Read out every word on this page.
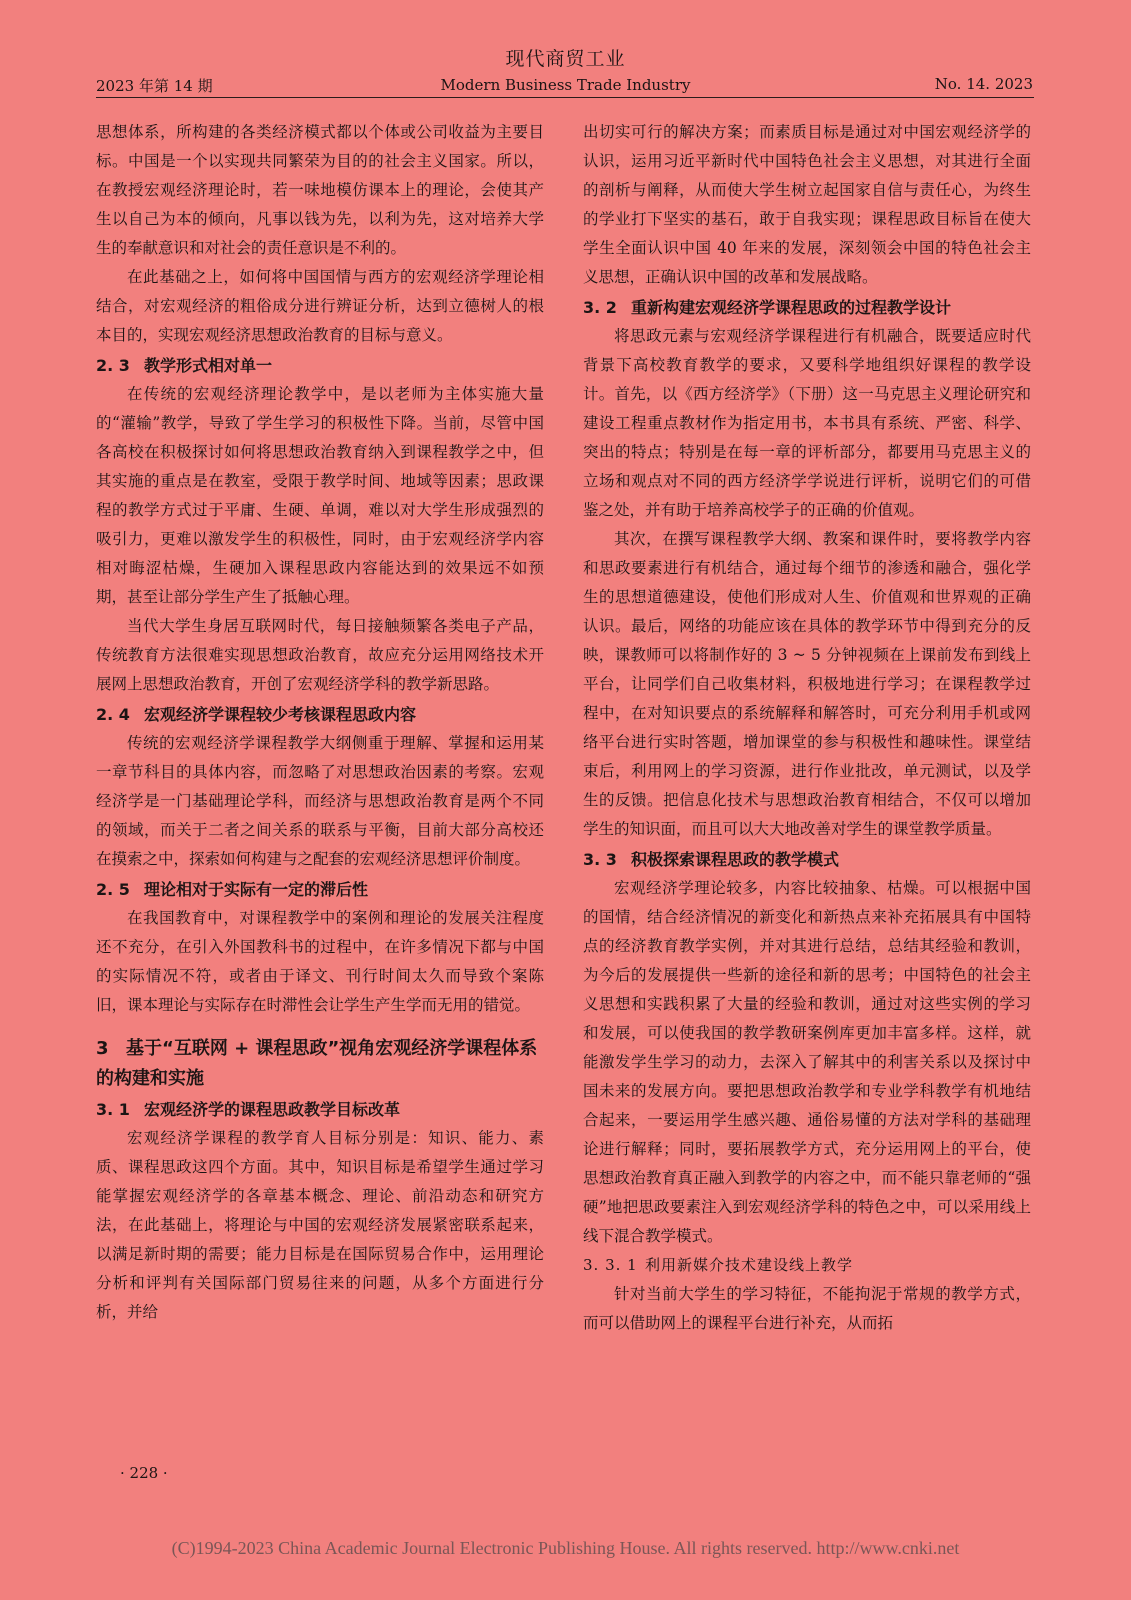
现代商贸工业
2023 年第 14 期	Modern Business Trade Industry	No. 14. 2023

思想体系，所构建的各类经济模式都以个体或公司收益为主要目标。中国是一个以实现共同繁荣为目的的社会主义国家。所以，在教授宏观经济理论时，若一味地模仿课本上的理论，会使其产生以自己为本的倾向，凡事以钱为先，以利为先，这对培养大学生的奉献意识和对社会的责任意识是不利的。

在此基础之上，如何将中国国情与西方的宏观经济学理论相结合，对宏观经济的粗俗成分进行辨证分析，达到立德树人的根本目的，实现宏观经济思想政治教育的目标与意义。

2. 3 教学形式相对单一

在传统的宏观经济理论教学中，是以老师为主体实施大量的“灌输”教学，导致了学生学习的积极性下降。当前，尽管中国各高校在积极探讨如何将思想政治教育纳入到课程教学之中，但其实施的重点是在教室，受限于教学时间、地域等因素；思政课程的教学方式过于平庸、生硬、单调，难以对大学生形成强烈的吸引力，更难以激发学生的积极性，同时，由于宏观经济学内容相对晦涩枯燥，生硬加入课程思政内容能达到的效果远不如预期，甚至让部分学生产生了抵触心理。

当代大学生身居互联网时代，每日接触频繁各类电子产品，传统教育方法很难实现思想政治教育，故应充分运用网络技术开展网上思想政治教育，开创了宏观经济学科的教学新思路。

2. 4 宏观经济学课程较少考核课程思政内容

传统的宏观经济学课程教学大纲侧重于理解、掌握和运用某一章节科目的具体内容，而忽略了对思想政治因素的考察。宏观经济学是一门基础理论学科，而经济与思想政治教育是两个不同的领域，而关于二者之间关系的联系与平衡，目前大部分高校还在摸索之中，探索如何构建与之配套的宏观经济思想评价制度。

2. 5 理论相对于实际有一定的滞后性

在我国教育中，对课程教学中的案例和理论的发展关注程度还不充分，在引入外国教科书的过程中，在许多情况下都与中国的实际情况不符，或者由于译文、刊行时间太久而导致个案陈旧，课本理论与实际存在时滞性会让学生产生学而无用的错觉。

3 基于“互联网 + 课程思政”视角宏观经济学课程体系的构建和实施
3. 1 宏观经济学的课程思政教学目标改革

宏观经济学课程的教学育人目标分别是：知识、能力、素质、课程思政这四个方面。其中，知识目标是希望学生通过学习能掌握宏观经济学的各章基本概念、理论、前沿动态和研究方法，在此基础上，将理论与中国的宏观经济发展紧密联系起来，以满足新时期的需要；能力目标是在国际贸易合作中，运用理论分析和评判有关国际部门贸易往来的问题，从多个方面进行分析，并给

出切实可行的解决方案；而素质目标是通过对中国宏观经济学的认识，运用习近平新时代中国特色社会主义思想，对其进行全面的剖析与阐释，从而使大学生树立起国家自信与责任心，为终生的学业打下坚实的基石，敢于自我实现；课程思政目标旨在使大学生全面认识中国 40 年来的发展，深刻领会中国的特色社会主义思想，正确认识中国的改革和发展战略。

3. 2 重新构建宏观经济学课程思政的过程教学设计

将思政元素与宏观经济学课程进行有机融合，既要适应时代背景下高校教育教学的要求，又要科学地组织好课程的教学设计。首先，以《西方经济学》（下册）这一马克思主义理论研究和建设工程重点教材作为指定用书，本书具有系统、严密、科学、突出的特点；特别是在每一章的评析部分，都要用马克思主义的立场和观点对不同的西方经济学学说进行评析，说明它们的可借鉴之处，并有助于培养高校学子的正确的价值观。

其次，在撰写课程教学大纲、教案和课件时，要将教学内容和思政要素进行有机结合，通过每个细节的渗透和融合，强化学生的思想道德建设，使他们形成对人生、价值观和世界观的正确认识。最后，网络的功能应该在具体的教学环节中得到充分的反映，课教师可以将制作好的 3 ~ 5 分钟视频在上课前发布到线上平台，让同学们自己收集材料，积极地进行学习；在课程教学过程中，在对知识要点的系统解释和解答时，可充分利用手机或网络平台进行实时答题，增加课堂的参与积极性和趣味性。课堂结束后，利用网上的学习资源，进行作业批改，单元测试，以及学生的反馈。把信息化技术与思想政治教育相结合，不仅可以增加学生的知识面，而且可以大大地改善对学生的课堂教学质量。

3. 3 积极探索课程思政的教学模式

宏观经济学理论较多，内容比较抽象、枯燥。可以根据中国的国情，结合经济情况的新变化和新热点来补充拓展具有中国特点的经济教育教学实例，并对其进行总结，总结其经验和教训，为今后的发展提供一些新的途径和新的思考；中国特色的社会主义思想和实践积累了大量的经验和教训，通过对这些实例的学习和发展，可以使我国的教学教研案例库更加丰富多样。这样，就能激发学生学习的动力，去深入了解其中的利害关系以及探讨中国未来的发展方向。要把思想政治教学和专业学科教学有机地结合起来，一要运用学生感兴趣、通俗易懂的方法对学科的基础理论进行解释；同时，要拓展教学方式，充分运用网上的平台，使思想政治教育真正融入到教学的内容之中，而不能只靠老师的“强硬”地把思政要素注入到宏观经济学科的特色之中，可以采用线上线下混合教学模式。

3. 3. 1 利用新媒介技术建设线上教学

针对当前大学生的学习特征，不能拘泥于常规的教学方式，而可以借助网上的课程平台进行补充，从而拓

· 228 ·
(C)1994-2023 China Academic Journal Electronic Publishing House. All rights reserved. http://www.cnki.net
